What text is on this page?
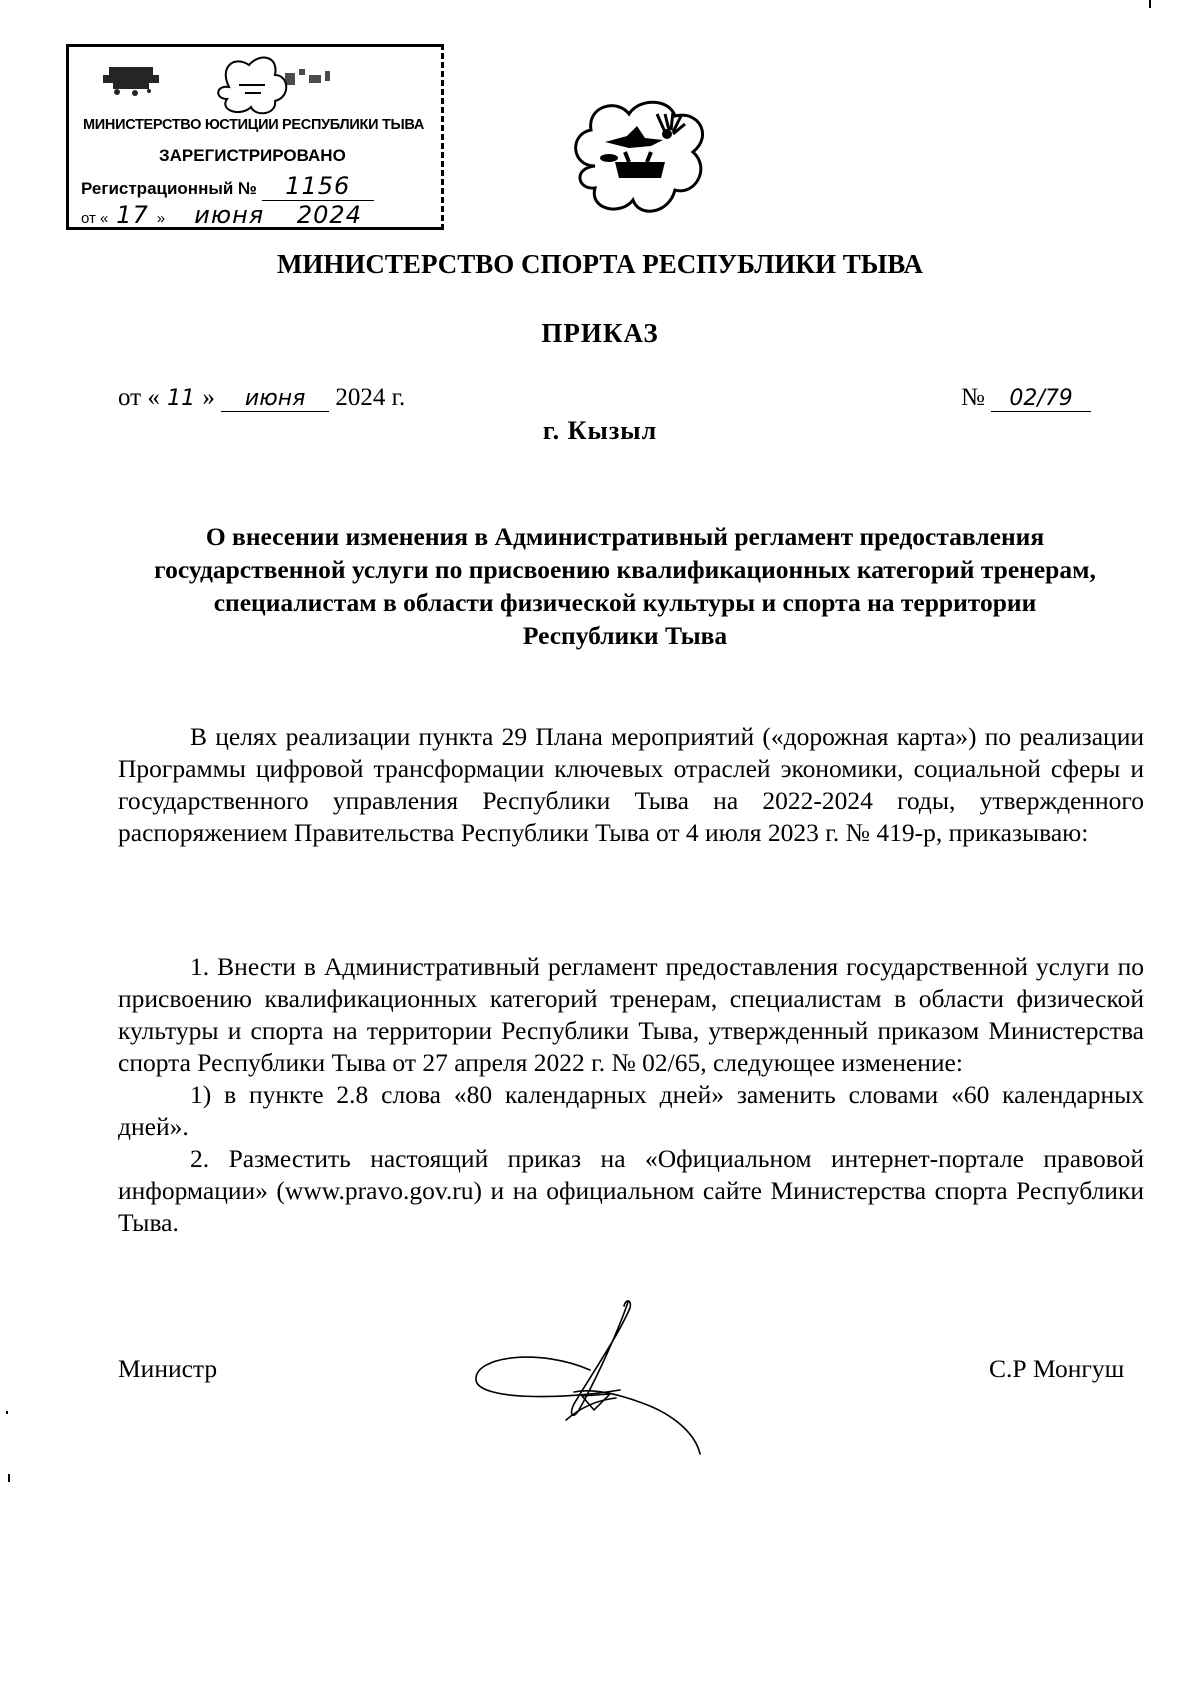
МИНИСТЕРСТВО ЮСТИЦИИ РЕСПУБЛИКИ ТЫВА
ЗАРЕГИСТРИРОВАНО
Регистрационный № 1156
от « 17 » июня 2024
МИНИСТЕРСТВО СПОРТА РЕСПУБЛИКИ ТЫВА
ПРИКАЗ
от « 11 » июня 2024 г.	№ 02/79
г. Кызыл
О внесении изменения в Административный регламент предоставления государственной услуги по присвоению квалификационных категорий тренерам, специалистам в области физической культуры и спорта на территории Республики Тыва

В целях реализации пункта 29 Плана мероприятий («дорожная карта») по реализации Программы цифровой трансформации ключевых отраслей экономики, социальной сферы и государственного управления Республики Тыва на 2022-2024 годы, утвержденного распоряжением Правительства Республики Тыва от 4 июля 2023 г. № 419-р, приказываю:

1. Внести в Административный регламент предоставления государственной услуги по присвоению квалификационных категорий тренерам, специалистам в области физической культуры и спорта на территории Республики Тыва, утвержденный приказом Министерства спорта Республики Тыва от 27 апреля 2022 г. № 02/65, следующее изменение:

1) в пункте 2.8 слова «80 календарных дней» заменить словами «60 календарных дней».

2. Разместить настоящий приказ на «Официальном интернет-портале правовой информации» (www.pravo.gov.ru) и на официальном сайте Министерства спорта Республики Тыва.

Министр	С.Р Монгуш
